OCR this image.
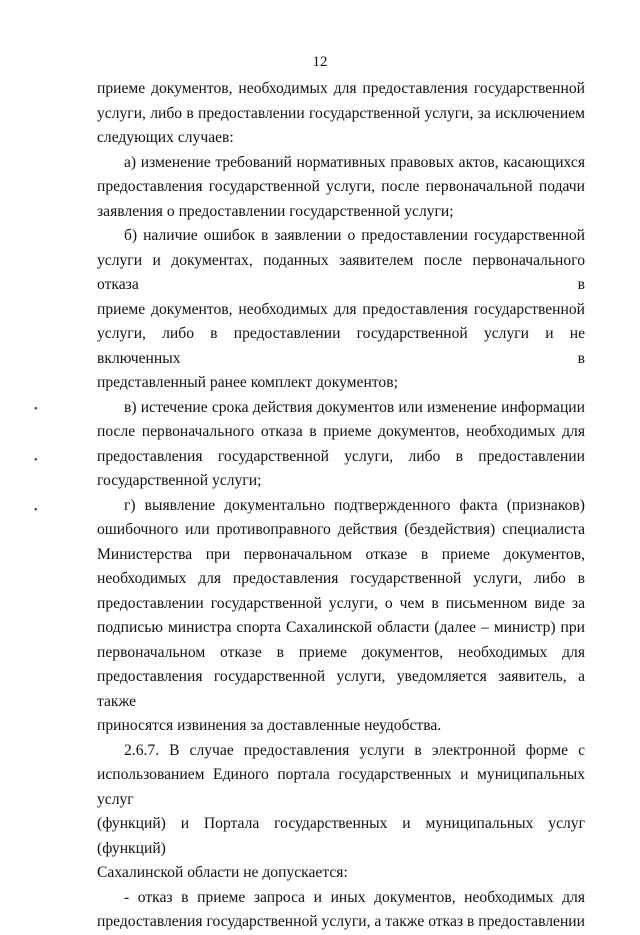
12
приеме документов, необходимых для предоставления государственной
услуги, либо в предоставлении государственной услуги, за исключением
следующих случаев:
а) изменение требований нормативных правовых актов, касающихся
предоставления государственной услуги, после первоначальной подачи
заявления о предоставлении государственной услуги;
б) наличие ошибок в заявлении о предоставлении государственной
услуги и документах, поданных заявителем после первоначального отказа в
приеме документов, необходимых для предоставления государственной
услуги, либо в предоставлении государственной услуги и не включенных в
представленный ранее комплект документов;
в) истечение срока действия документов или изменение информации
после первоначального отказа в приеме документов, необходимых для
предоставления государственной услуги, либо в предоставлении
государственной услуги;
г) выявление документально подтвержденного факта (признаков)
ошибочного или противоправного действия (бездействия) специалиста
Министерства при первоначальном отказе в приеме документов,
необходимых для предоставления государственной услуги, либо в
предоставлении государственной услуги, о чем в письменном виде за
подписью министра спорта Сахалинской области (далее – министр) при
первоначальном отказе в приеме документов, необходимых для
предоставления государственной услуги, уведомляется заявитель, а также
приносятся извинения за доставленные неудобства.
2.6.7. В случае предоставления услуги в электронной форме с
использованием Единого портала государственных и муниципальных услуг
(функций) и Портала государственных и муниципальных услуг (функций)
Сахалинской области не допускается:
- отказ в приеме запроса и иных документов, необходимых для
предоставления государственной услуги, а также отказ в предоставлении
•
•
•
